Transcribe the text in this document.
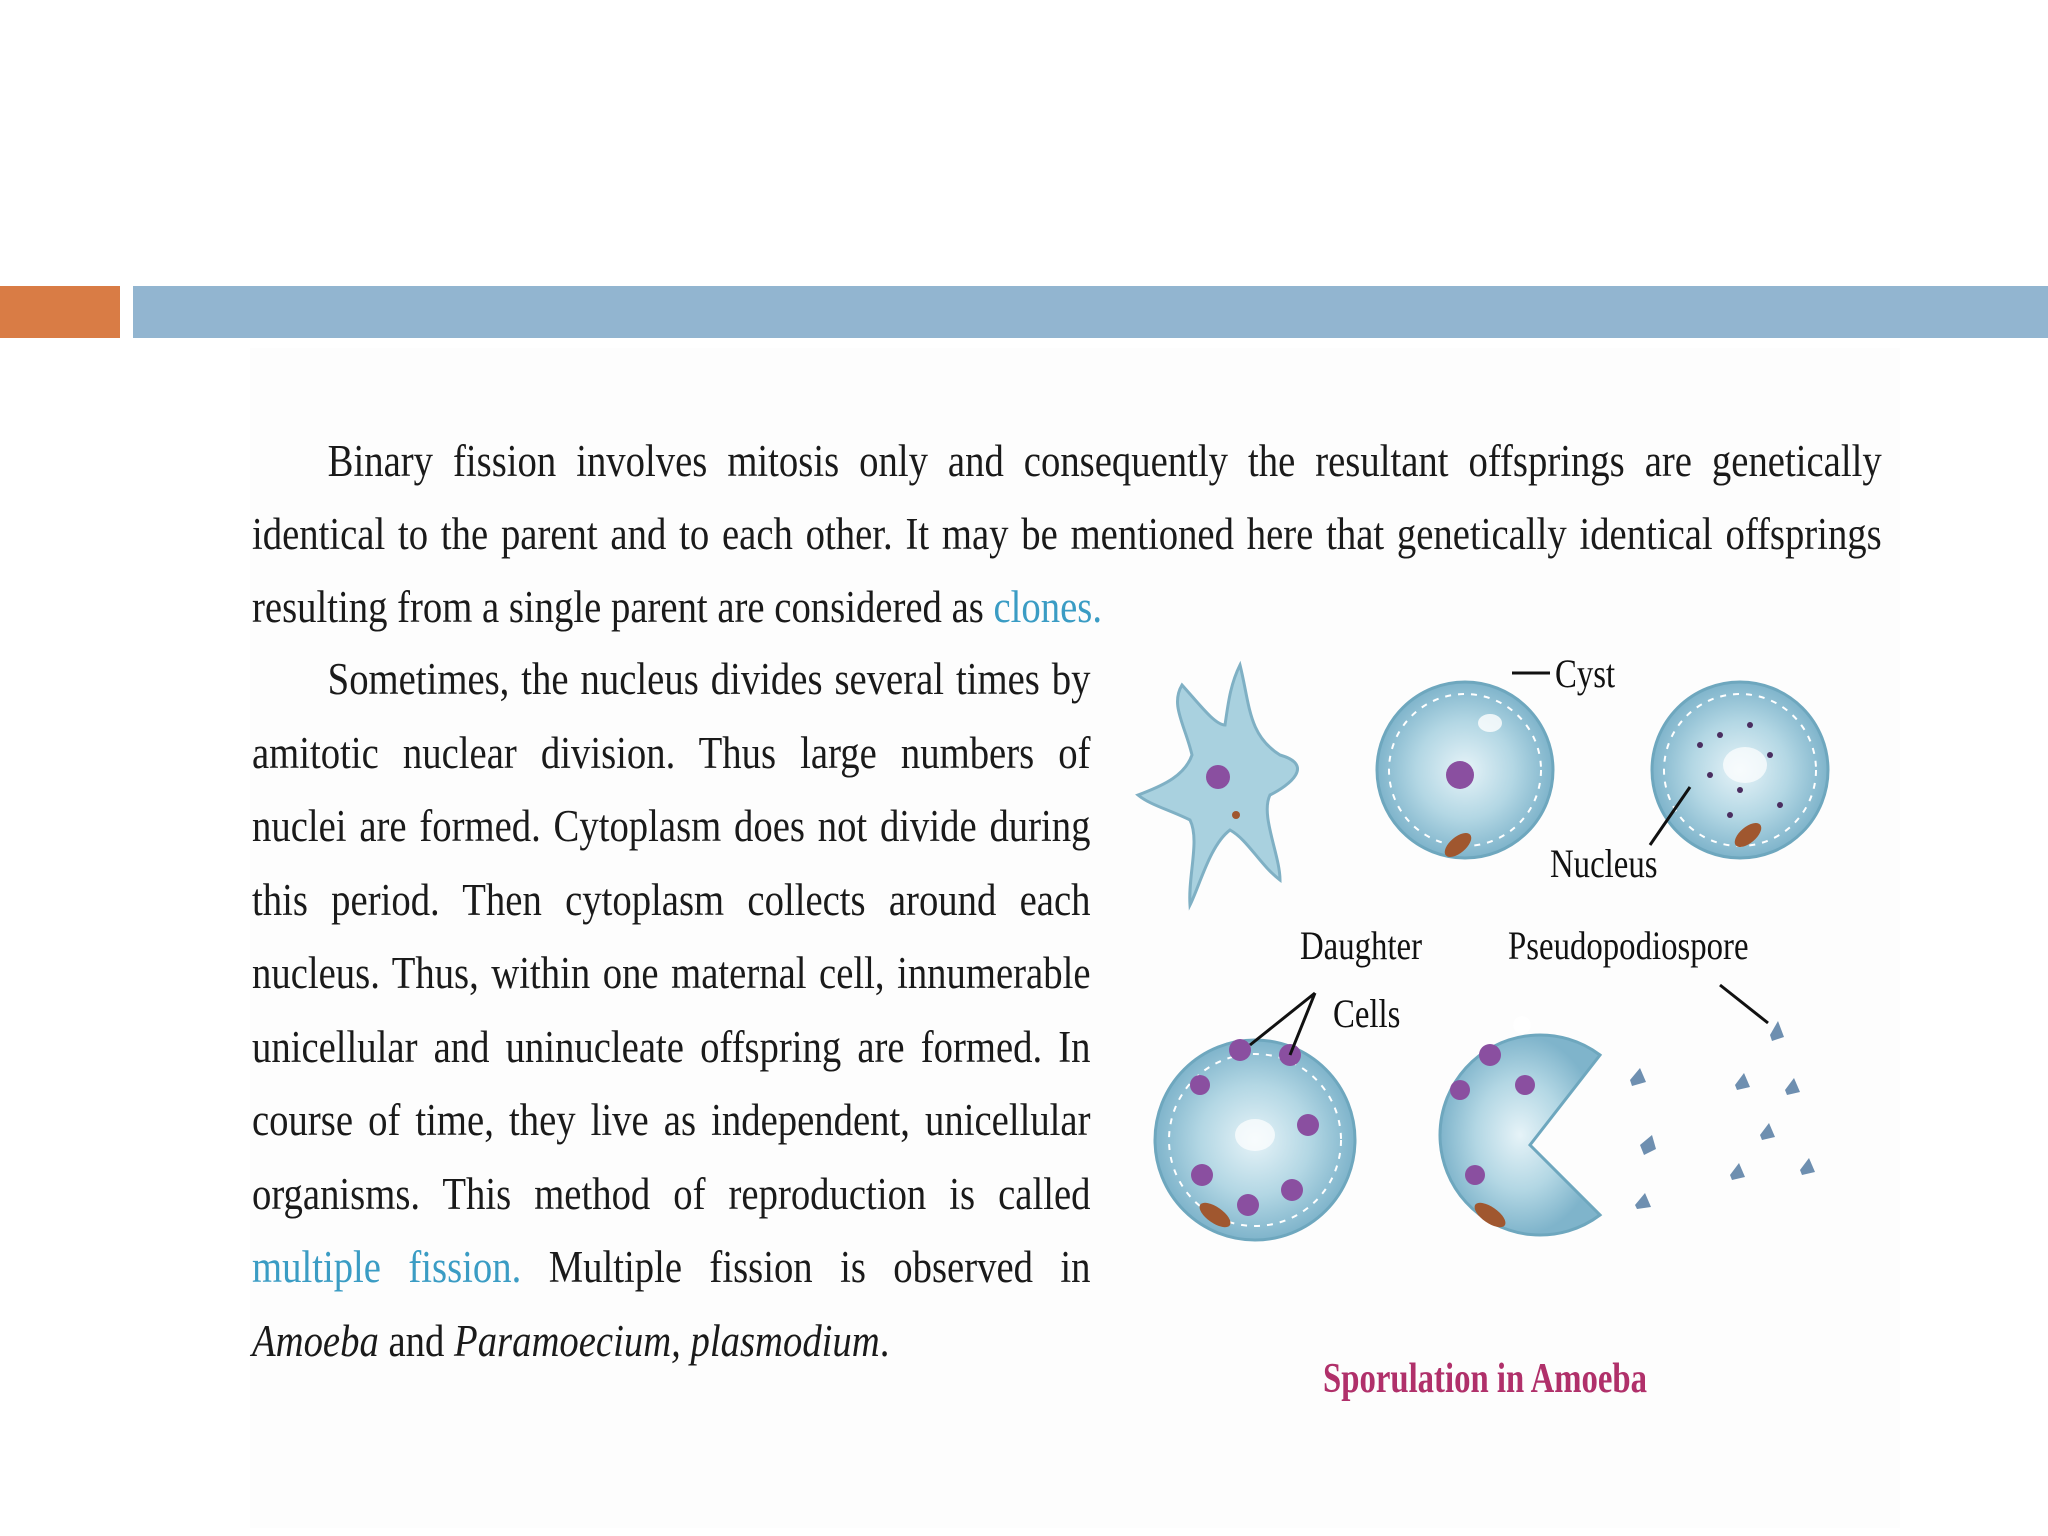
Binary fission involves mitosis only and consequently the resultant offsprings are genetically identical to the parent and to each other. It may be mentioned here that genetically identical offsprings resulting from a single parent are considered as clones.

Sometimes, the nucleus divides several times by amitotic nuclear division. Thus large numbers of nuclei are formed. Cytoplasm does not divide during this period. Then cytoplasm collects around each nucleus. Thus, within one maternal cell, innumerable unicellular and uninucleate offspring are formed. In course of time, they live as independent, unicellular organisms. This method of reproduction is called multiple fission. Multiple fission is observed in Amoeba and Paramoecium, plasmodium.

Cyst
Nucleus
Daughter
Cells
Pseudopodiospore
Sporulation in Amoeba
